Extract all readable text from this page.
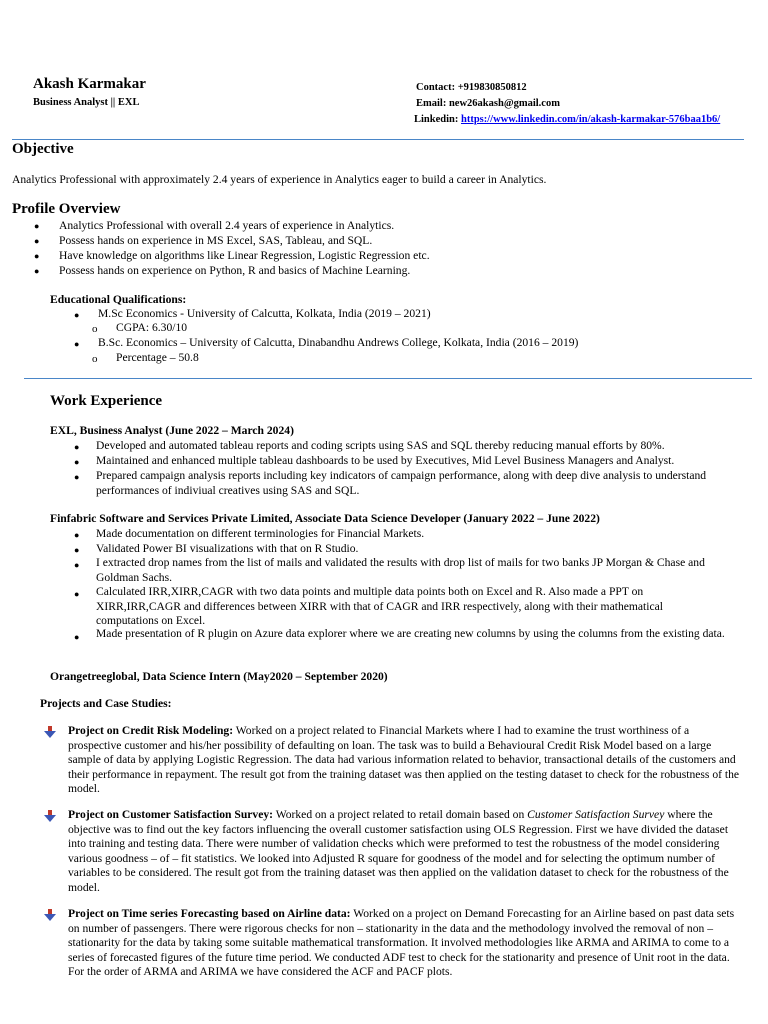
Akash Karmakar
Business Analyst || EXL
Contact: +919830850812
Email: new26akash@gmail.com
Linkedin: https://www.linkedin.com/in/akash-karmakar-576baa1b6/
Objective
Analytics Professional with approximately 2.4 years of experience in Analytics eager to build a career in Analytics.
Profile Overview
● Analytics Professional with overall 2.4 years of experience in Analytics.
● Possess hands on experience in MS Excel, SAS, Tableau, and SQL.
● Have knowledge on algorithms like Linear Regression, Logistic Regression etc.
● Possess hands on experience on Python, R and basics of Machine Learning.
Educational Qualifications:
● M.Sc Economics - University of Calcutta, Kolkata, India (2019 – 2021)
o CGPA: 6.30/10
● B.Sc. Economics – University of Calcutta, Dinabandhu Andrews College, Kolkata, India (2016 – 2019)
o Percentage – 50.8
Work Experience
EXL, Business Analyst (June 2022 – March 2024)
● Developed and automated tableau reports and coding scripts using SAS and SQL thereby reducing manual efforts by 80%.
● Maintained and enhanced multiple tableau dashboards to be used by Executives, Mid Level Business Managers and Analyst.
● Prepared campaign analysis reports including key indicators of campaign performance, along with deep dive analysis to understand performances of indiviual creatives using SAS and SQL.
Finfabric Software and Services Private Limited, Associate Data Science Developer (January 2022 – June 2022)
● Made documentation on different terminologies for Financial Markets.
● Validated Power BI visualizations with that on R Studio.
● I extracted drop names from the list of mails and validated the results with drop list of mails for two banks JP Morgan & Chase and Goldman Sachs.
● Calculated IRR,XIRR,CAGR with two data points and multiple data points both on Excel and R. Also made a PPT on XIRR,IRR,CAGR and differences between XIRR with that of CAGR and IRR respectively, along with their mathematical computations on Excel.
● Made presentation of R plugin on Azure data explorer where we are creating new columns by using the columns from the existing data.
Orangetreeglobal, Data Science Intern (May2020 – September 2020)
Projects and Case Studies:
Project on Credit Risk Modeling: Worked on a project related to Financial Markets where I had to examine the trust worthiness of a prospective customer and his/her possibility of defaulting on loan. The task was to build a Behavioural Credit Risk Model based on a large sample of data by applying Logistic Regression. The data had various information related to behavior, transactional details of the customers and their performance in repayment. The result got from the training dataset was then applied on the testing dataset to check for the robustness of the model.
Project on Customer Satisfaction Survey: Worked on a project related to retail domain based on Customer Satisfaction Survey where the objective was to find out the key factors influencing the overall customer satisfaction using OLS Regression. First we have divided the dataset into training and testing data. There were number of validation checks which were preformed to test the robustness of the model considering various goodness – of – fit statistics. We looked into Adjusted R square for goodness of the model and for selecting the optimum number of variables to be considered. The result got from the training dataset was then applied on the validation dataset to check for the robustness of the model.
Project on Time series Forecasting based on Airline data: Worked on a project on Demand Forecasting for an Airline based on past data sets on number of passengers. There were rigorous checks for non – stationarity in the data and the methodology involved the removal of non –stationarity for the data by taking some suitable mathematical transformation. It involved methodologies like ARMA and ARIMA to come to a series of forecasted figures of the future time period. We conducted ADF test to check for the stationarity and presence of Unit root in the data. For the order of ARMA and ARIMA we have considered the ACF and PACF plots.
